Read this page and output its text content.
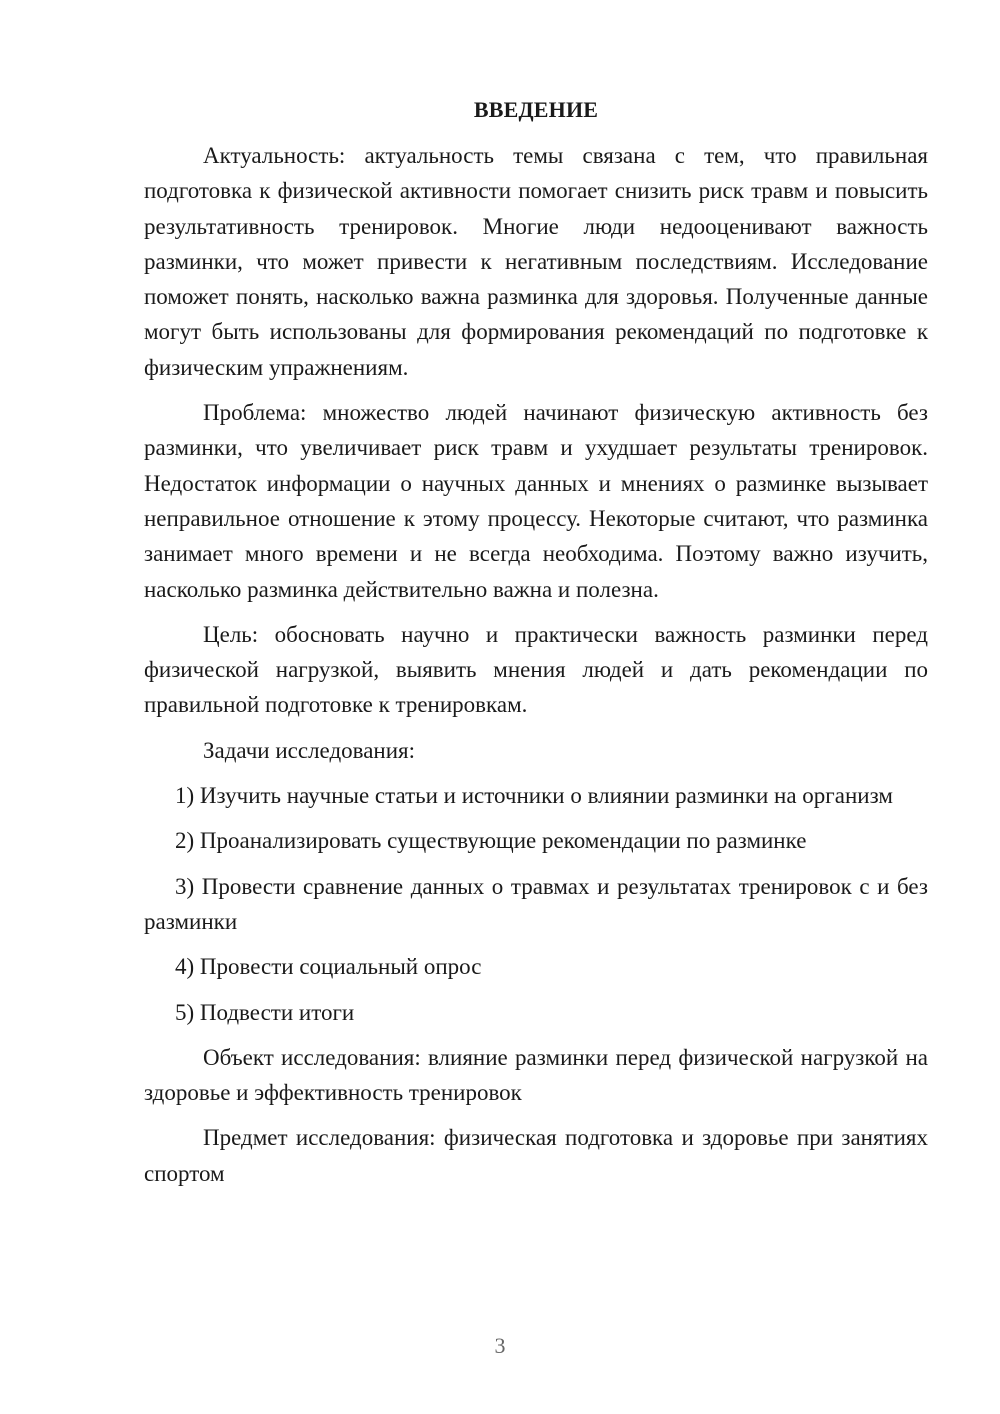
ВВЕДЕНИЕ

Актуальность: актуальность темы связана с тем, что правильная подготовка к физической активности помогает снизить риск травм и повысить результативность тренировок. Многие люди недооценивают важность разминки, что может привести к негативным последствиям. Исследование поможет понять, насколько важна разминка для здоровья. Полученные данные могут быть использованы для формирования рекомендаций по подготовке к физическим упражнениям.

Проблема: множество людей начинают физическую активность без разминки, что увеличивает риск травм и ухудшает результаты тренировок. Недостаток информации о научных данных и мнениях о разминке вызывает неправильное отношение к этому процессу. Некоторые считают, что разминка занимает много времени и не всегда необходима. Поэтому важно изучить, насколько разминка действительно важна и полезна.

Цель: обосновать научно и практически важность разминки перед физической нагрузкой, выявить мнения людей и дать рекомендации по правильной подготовке к тренировкам.

Задачи исследования:

1) Изучить научные статьи и источники о влиянии разминки на организм

2) Проанализировать существующие рекомендации по разминке

3) Провести сравнение данных о травмах и результатах тренировок с и без разминки

4) Провести социальный опрос

5) Подвести итоги

Объект исследования: влияние разминки перед физической нагрузкой на здоровье и эффективность тренировок

Предмет исследования: физическая подготовка и здоровье при занятиях спортом

3
